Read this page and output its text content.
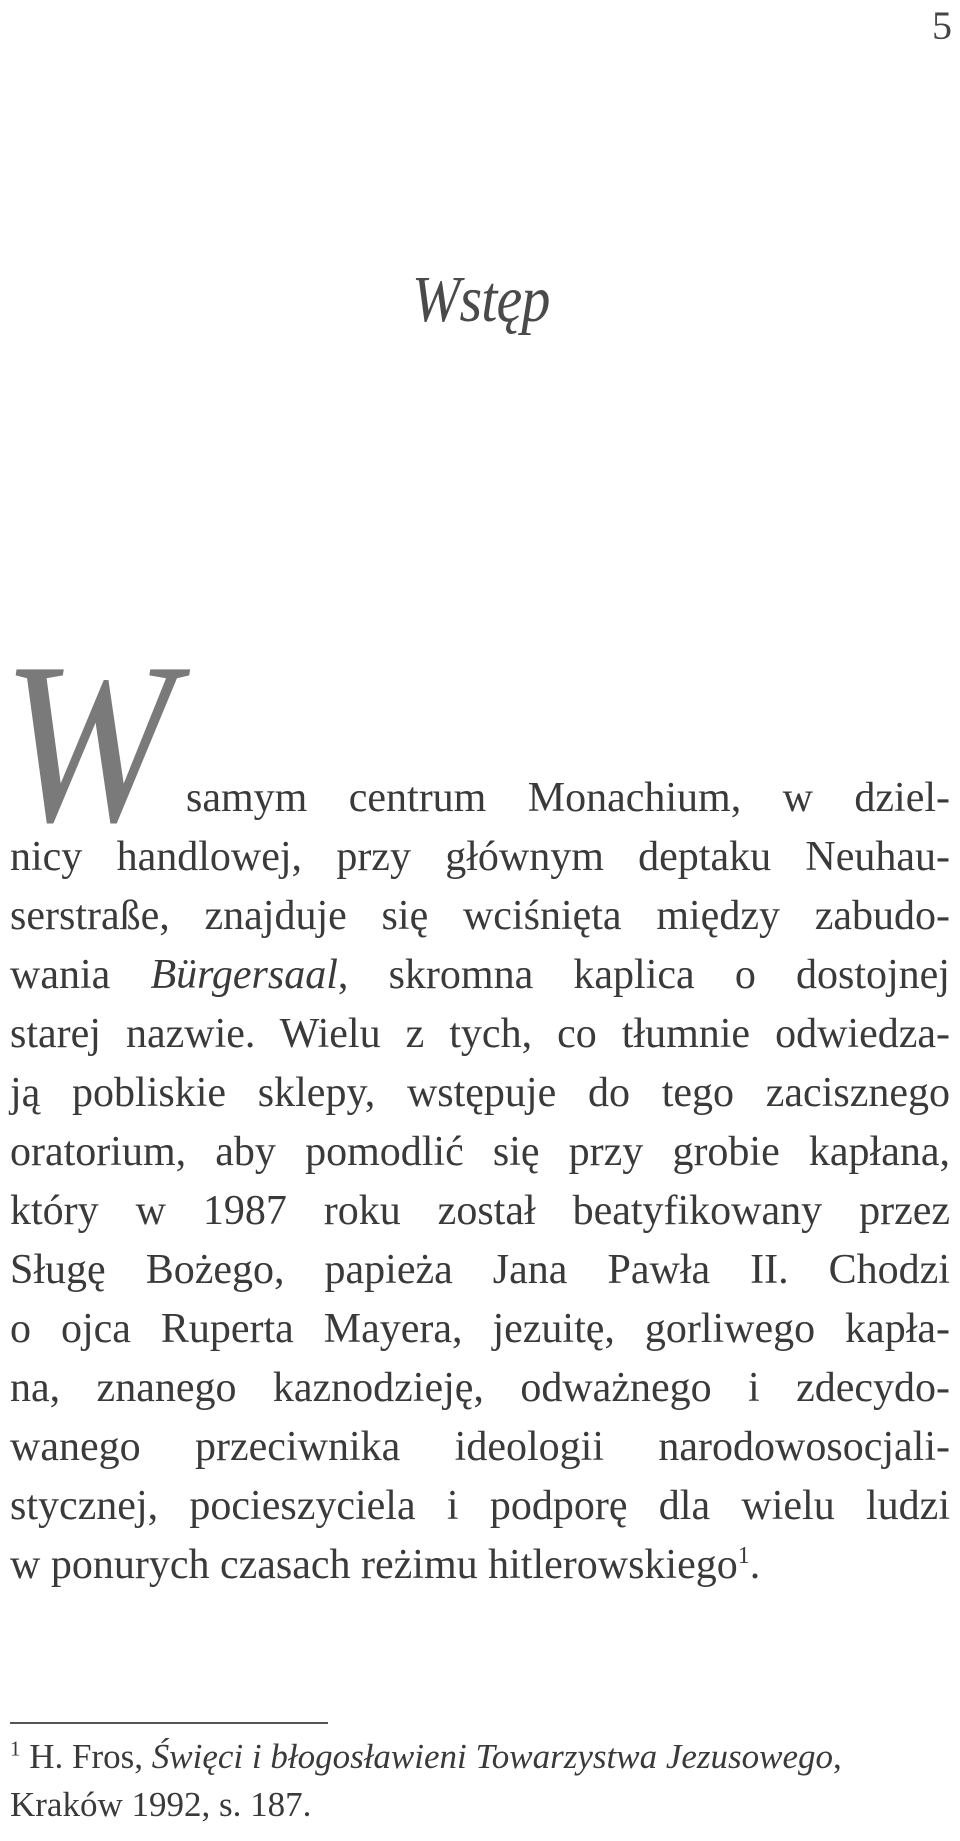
5
Wstęp
W samym centrum Monachium, w dziel-
nicy handlowej, przy głównym deptaku Neuhau-
serstraße, znajduje się wciśnięta między zabudo-
wania Bürgersaal, skromna kaplica o dostojnej
starej nazwie. Wielu z tych, co tłumnie odwiedza-
ją pobliskie sklepy, wstępuje do tego zacisznego
oratorium, aby pomodlić się przy grobie kapłana,
który w 1987 roku został beatyfikowany przez
Sługę Bożego, papieża Jana Pawła II. Chodzi
o ojca Ruperta Mayera, jezuitę, gorliwego kapła-
na, znanego kaznodzieję, odważnego i zdecydo-
wanego przeciwnika ideologii narodowosocjali-
stycznej, pocieszyciela i podporę dla wielu ludzi
w ponurych czasach reżimu hitlerowskiego$^1$.
$^1$ H. Fros, Święci i błogosławieni Towarzystwa Jezusowego,
Kraków 1992, s. 187.
